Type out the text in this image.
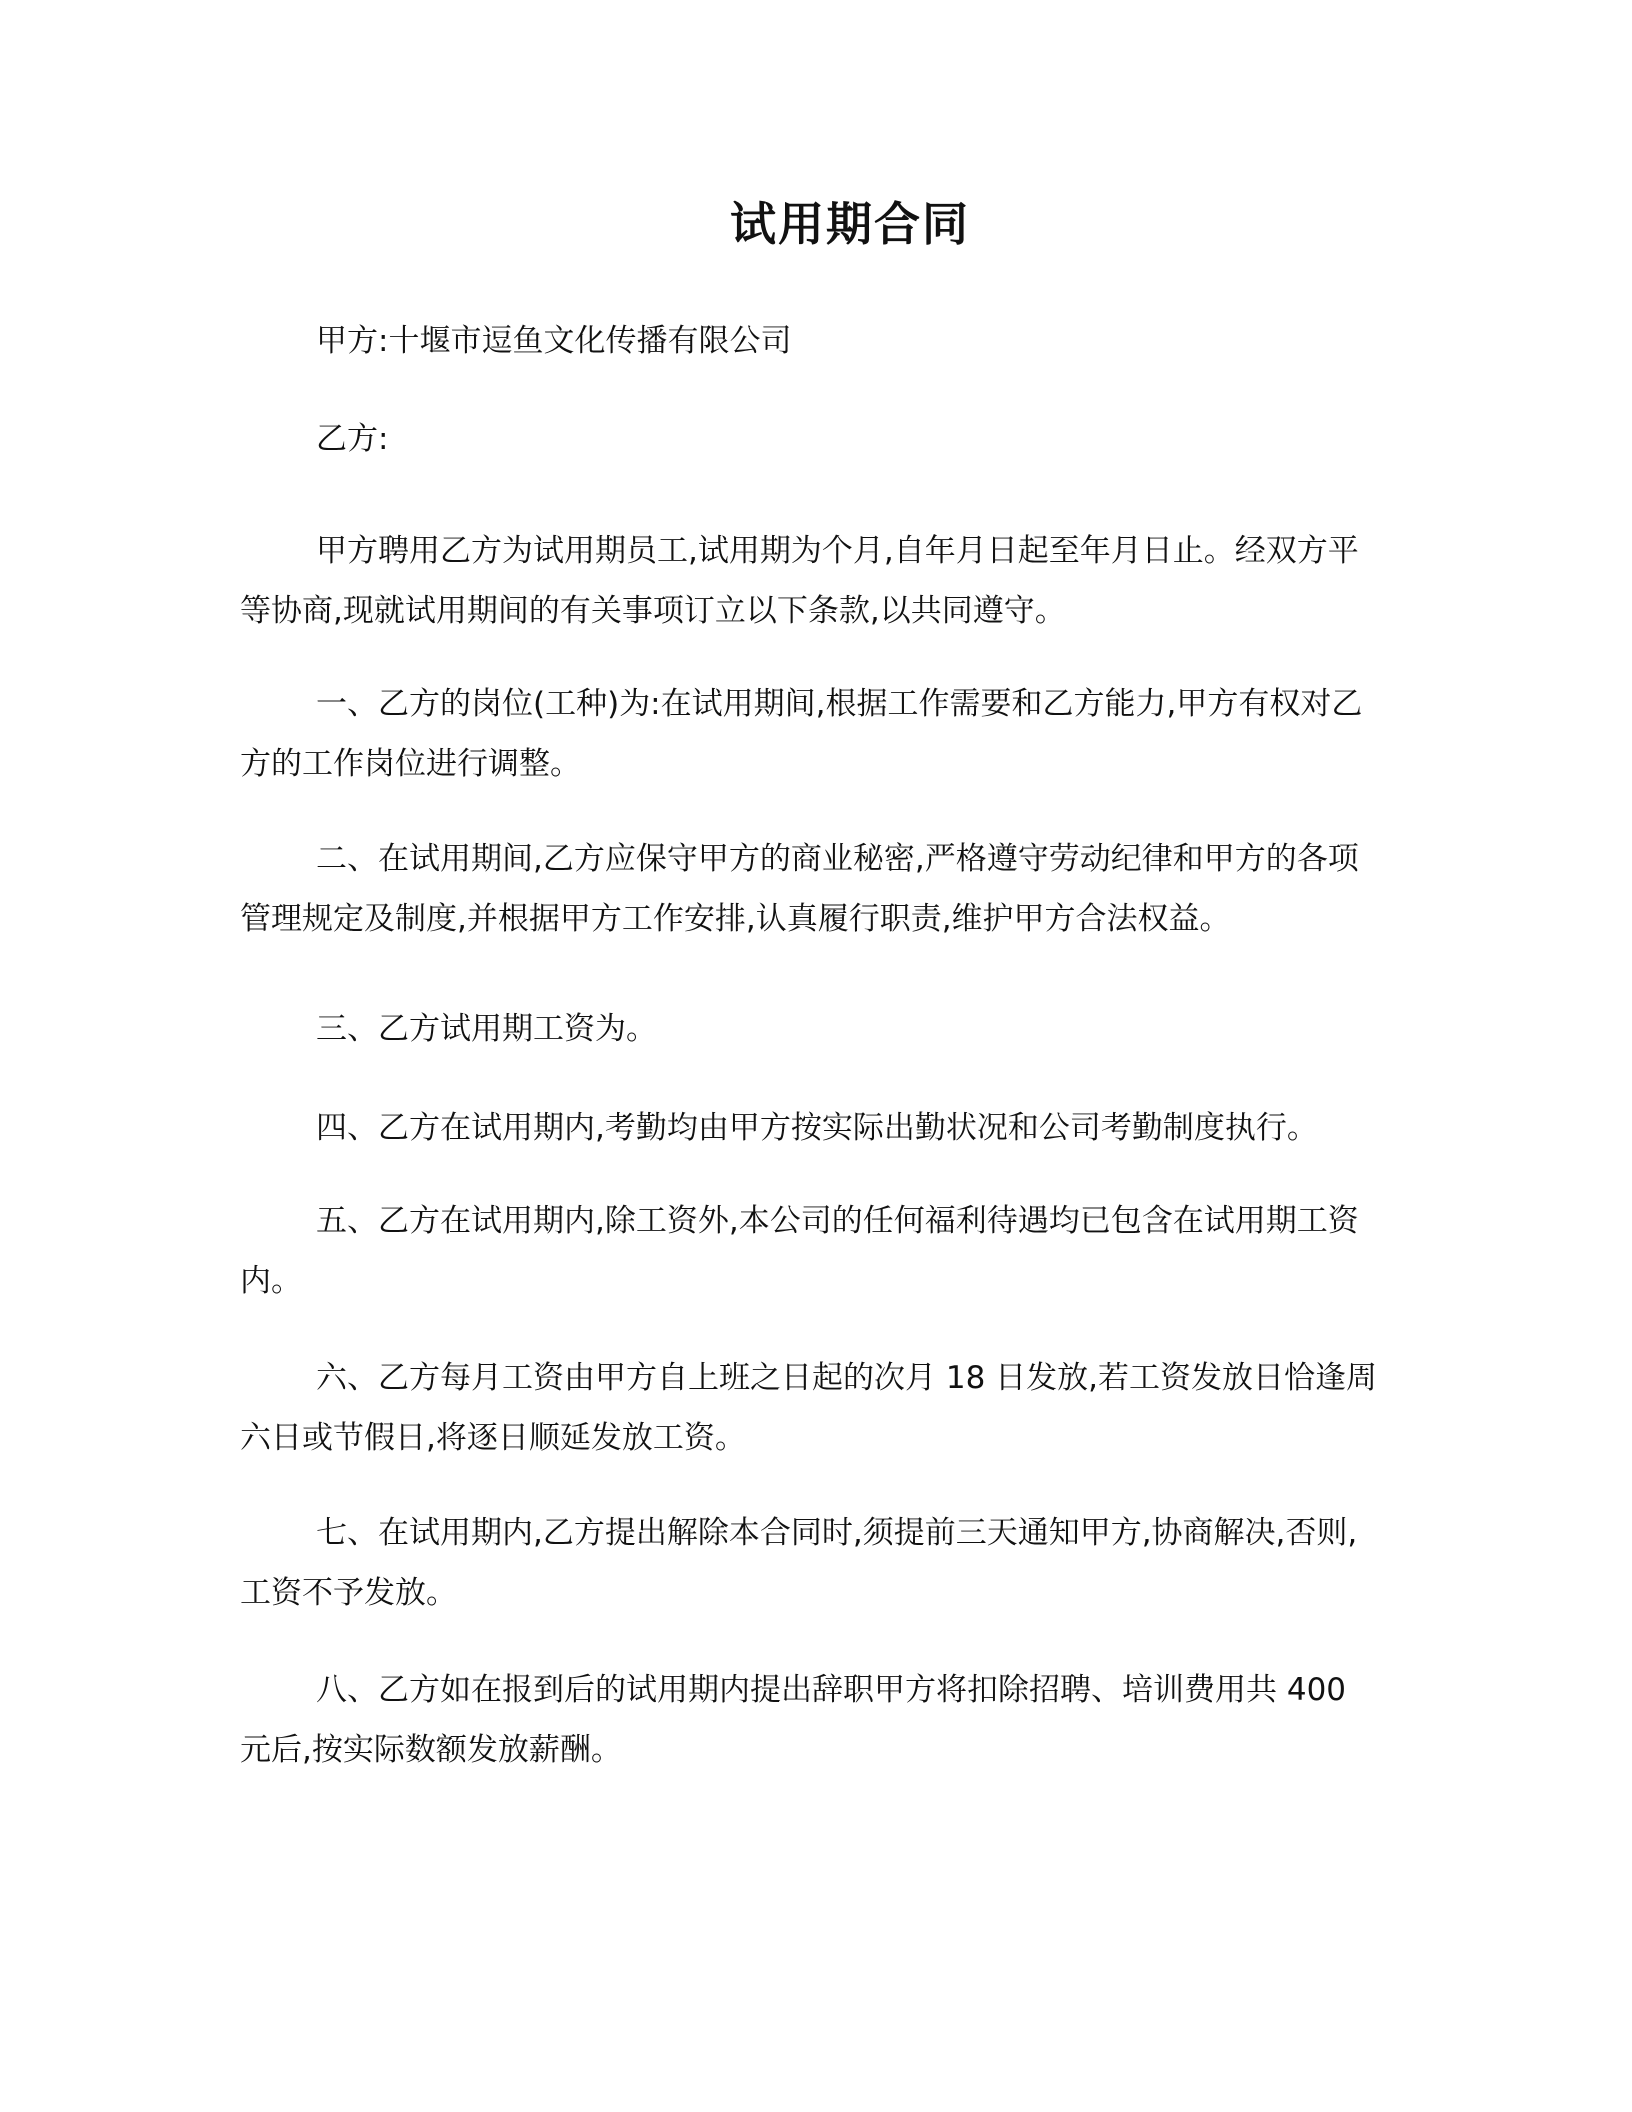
试用期合同

甲方:十堰市逗鱼文化传播有限公司

乙方:

甲方聘用乙方为试用期员工,试用期为个月,自年月日起至年月日止。经双方平等协商,现就试用期间的有关事项订立以下条款,以共同遵守。

一、乙方的岗位(工种)为:在试用期间,根据工作需要和乙方能力,甲方有权对乙方的工作岗位进行调整。

二、在试用期间,乙方应保守甲方的商业秘密,严格遵守劳动纪律和甲方的各项管理规定及制度,并根据甲方工作安排,认真履行职责,维护甲方合法权益。

三、乙方试用期工资为。

四、乙方在试用期内,考勤均由甲方按实际出勤状况和公司考勤制度执行。

五、乙方在试用期内,除工资外,本公司的任何福利待遇均已包含在试用期工资内。

六、乙方每月工资由甲方自上班之日起的次月 18 日发放,若工资发放日恰逢周六日或节假日,将逐日顺延发放工资。

七、在试用期内,乙方提出解除本合同时,须提前三天通知甲方,协商解决,否则,工资不予发放。

八、乙方如在报到后的试用期内提出辞职甲方将扣除招聘、培训费用共 400 元后,按实际数额发放薪酬。
